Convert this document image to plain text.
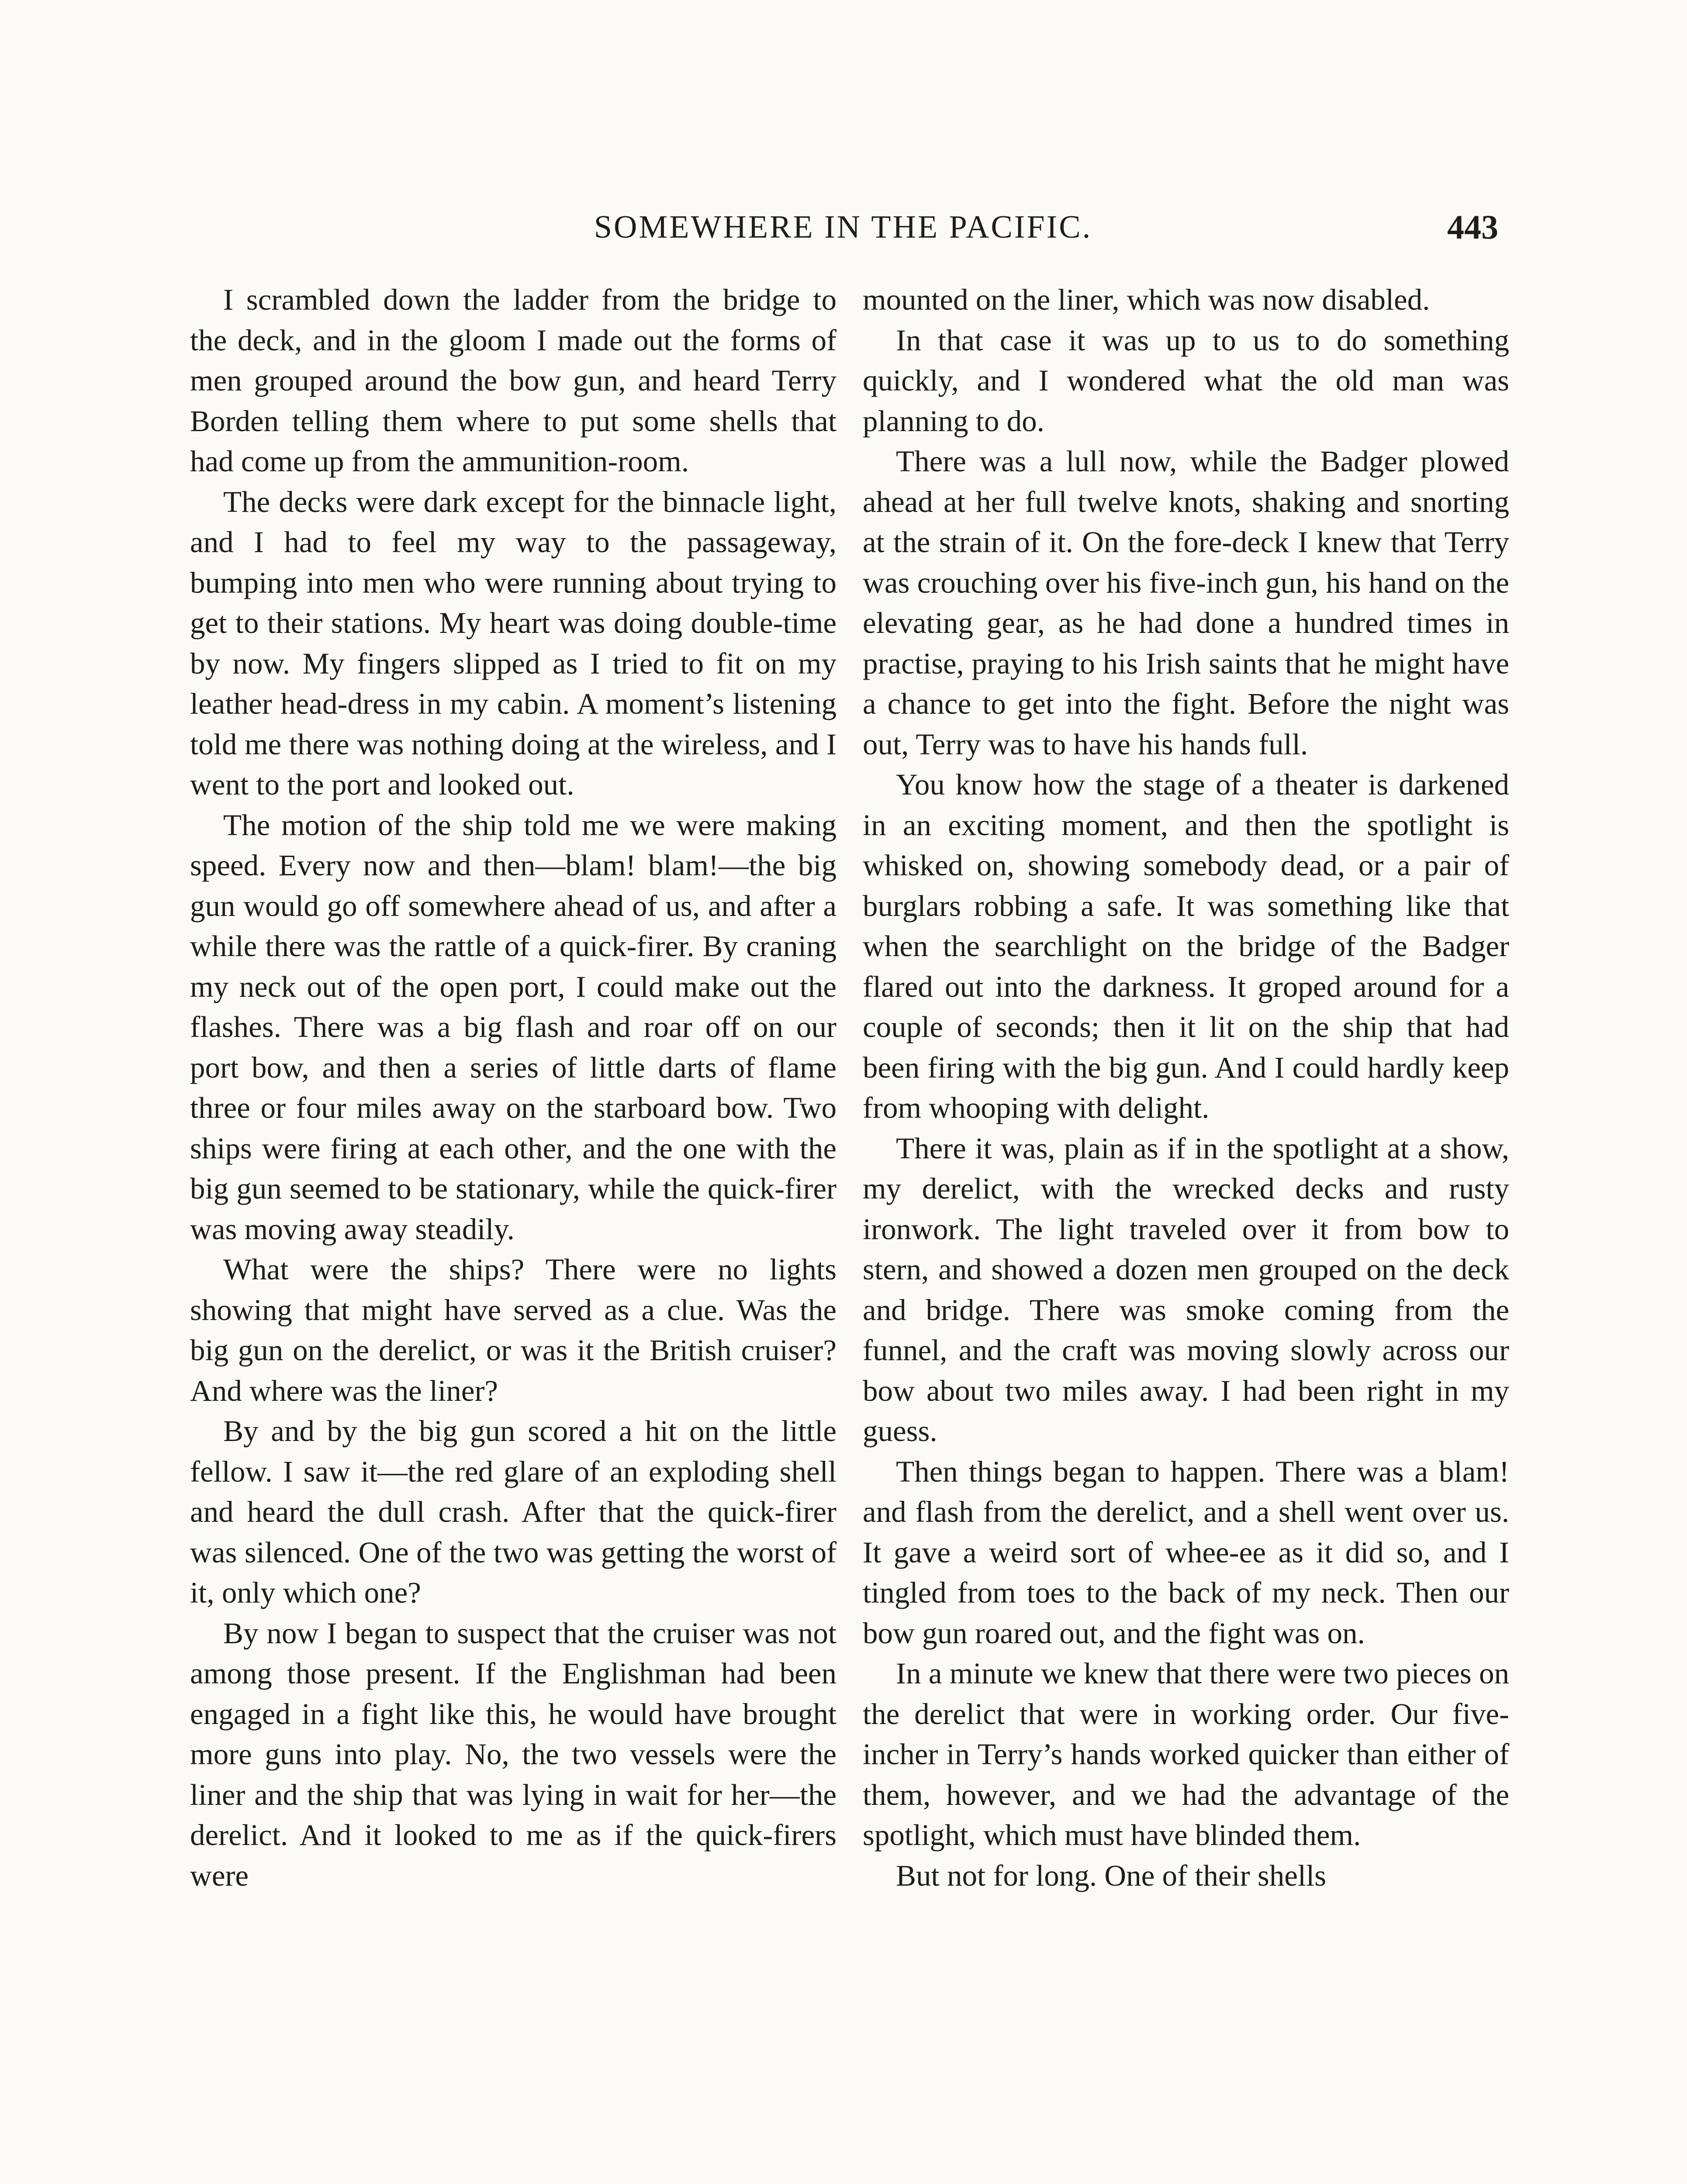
SOMEWHERE IN THE PACIFIC.	443

I scrambled down the ladder from the bridge to the deck, and in the gloom I made out the forms of men grouped around the bow gun, and heard Terry Borden telling them where to put some shells that had come up from the ammunition-room.

The decks were dark except for the binnacle light, and I had to feel my way to the passageway, bumping into men who were running about trying to get to their stations. My heart was doing double-time by now. My fingers slipped as I tried to fit on my leather head-dress in my cabin. A moment’s listening told me there was nothing doing at the wireless, and I went to the port and looked out.

The motion of the ship told me we were making speed. Every now and then—blam! blam!—the big gun would go off somewhere ahead of us, and after a while there was the rattle of a quick-firer. By craning my neck out of the open port, I could make out the flashes. There was a big flash and roar off on our port bow, and then a series of little darts of flame three or four miles away on the starboard bow. Two ships were firing at each other, and the one with the big gun seemed to be stationary, while the quick-firer was moving away steadily.

What were the ships? There were no lights showing that might have served as a clue. Was the big gun on the derelict, or was it the British cruiser? And where was the liner?

By and by the big gun scored a hit on the little fellow. I saw it—the red glare of an exploding shell and heard the dull crash. After that the quick-firer was silenced. One of the two was getting the worst of it, only which one?

By now I began to suspect that the cruiser was not among those present. If the Englishman had been engaged in a fight like this, he would have brought more guns into play. No, the two vessels were the liner and the ship that was lying in wait for her—the derelict. And it looked to me as if the quick-firers were

mounted on the liner, which was now disabled.

In that case it was up to us to do something quickly, and I wondered what the old man was planning to do.

There was a lull now, while the Badger plowed ahead at her full twelve knots, shaking and snorting at the strain of it. On the fore-deck I knew that Terry was crouching over his five-inch gun, his hand on the elevating gear, as he had done a hundred times in practise, praying to his Irish saints that he might have a chance to get into the fight. Before the night was out, Terry was to have his hands full.

You know how the stage of a theater is darkened in an exciting moment, and then the spotlight is whisked on, showing somebody dead, or a pair of burglars robbing a safe. It was something like that when the searchlight on the bridge of the Badger flared out into the darkness. It groped around for a couple of seconds; then it lit on the ship that had been firing with the big gun. And I could hardly keep from whooping with delight.

There it was, plain as if in the spotlight at a show, my derelict, with the wrecked decks and rusty ironwork. The light traveled over it from bow to stern, and showed a dozen men grouped on the deck and bridge. There was smoke coming from the funnel, and the craft was moving slowly across our bow about two miles away. I had been right in my guess.

Then things began to happen. There was a blam! and flash from the derelict, and a shell went over us. It gave a weird sort of whee-ee as it did so, and I tingled from toes to the back of my neck. Then our bow gun roared out, and the fight was on.

In a minute we knew that there were two pieces on the derelict that were in working order. Our five-incher in Terry’s hands worked quicker than either of them, however, and we had the advantage of the spotlight, which must have blinded them.

But not for long. One of their shells
